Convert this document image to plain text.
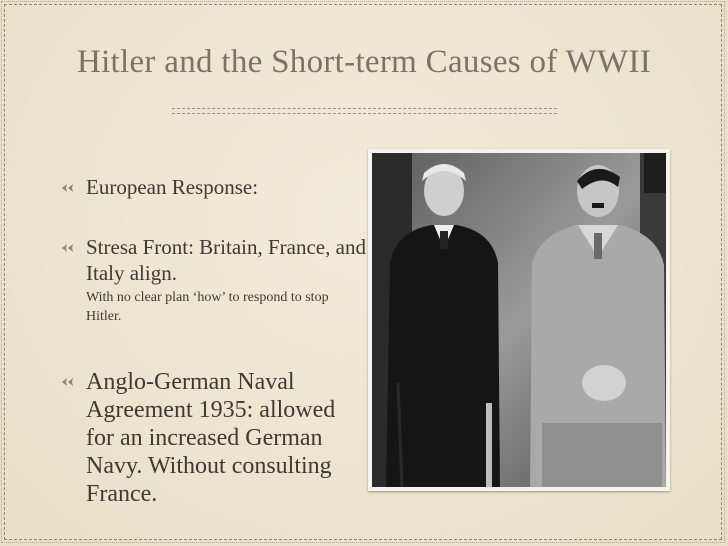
Hitler and the Short-term Causes of WWII
European Response:
Stresa Front: Britain, France, and Italy align.
With no clear plan ‘how’ to respond to stop Hitler.
Anglo-German Naval Agreement 1935: allowed for an increased German Navy. Without consulting France.
